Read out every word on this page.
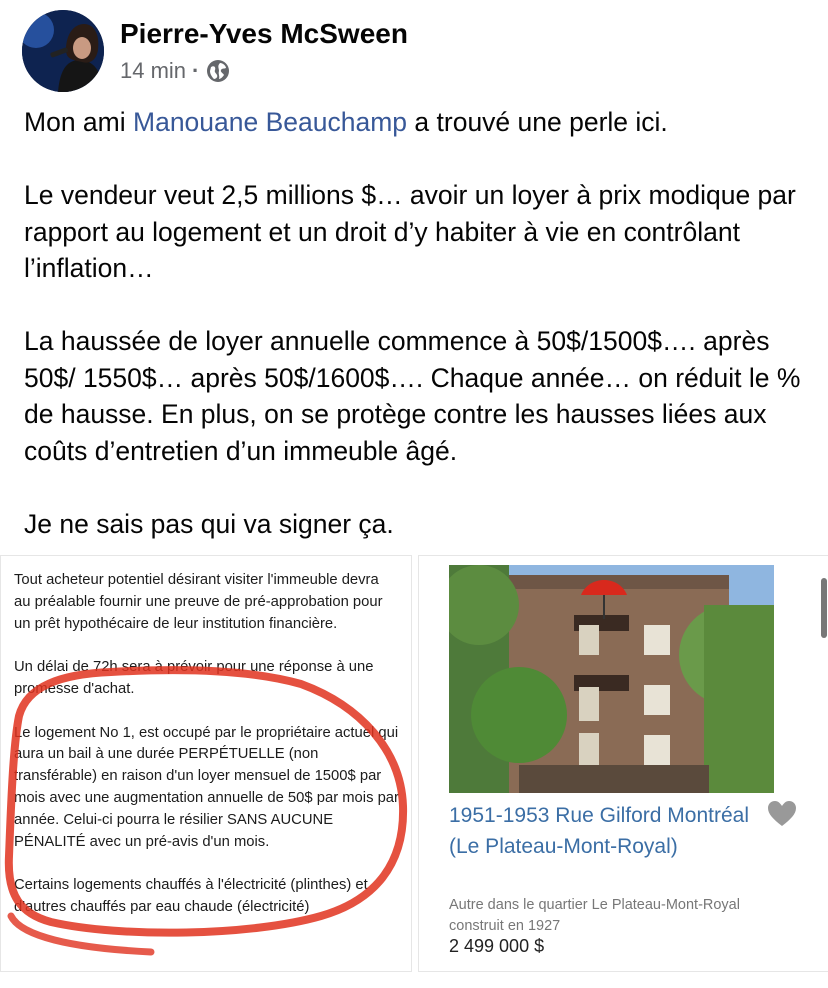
Pierre-Yves McSween
14 min ·

Mon ami Manouane Beauchamp a trouvé une perle ici.

Le vendeur veut 2,5 millions $… avoir un loyer à prix modique par rapport au logement et un droit d’y habiter à vie en contrôlant l’inflation…

La haussée de loyer annuelle commence à 50$/1500$…. après 50$/ 1550$… après 50$/1600$…. Chaque année… on réduit le % de hausse. En plus, on se protège contre les hausses liées aux coûts d’entretien d’un immeuble âgé.

Je ne sais pas qui va signer ça.

Tout acheteur potentiel désirant visiter l'immeuble devra au préalable fournir une preuve de pré-approbation pour un prêt hypothécaire de leur institution financière.

Un délai de 72h sera à prévoir pour une réponse à une promesse d'achat.

Le logement No 1, est occupé par le propriétaire actuel qui aura un bail à une durée PERPÉTUELLE (non transférable) en raison d'un loyer mensuel de 1500$ par mois avec une augmentation annuelle de 50$ par mois par année. Celui-ci pourra le résilier SANS AUCUNE PÉNALITÉ avec un pré-avis d'un mois.

Certains logements chauffés à l'électricité (plinthes) et d'autres chauffés par eau chaude (électricité)

1951-1953 Rue Gilford Montréal (Le Plateau-Mont-Royal)
Autre dans le quartier Le Plateau-Mont-Royal construit en 1927
2 499 000 $
